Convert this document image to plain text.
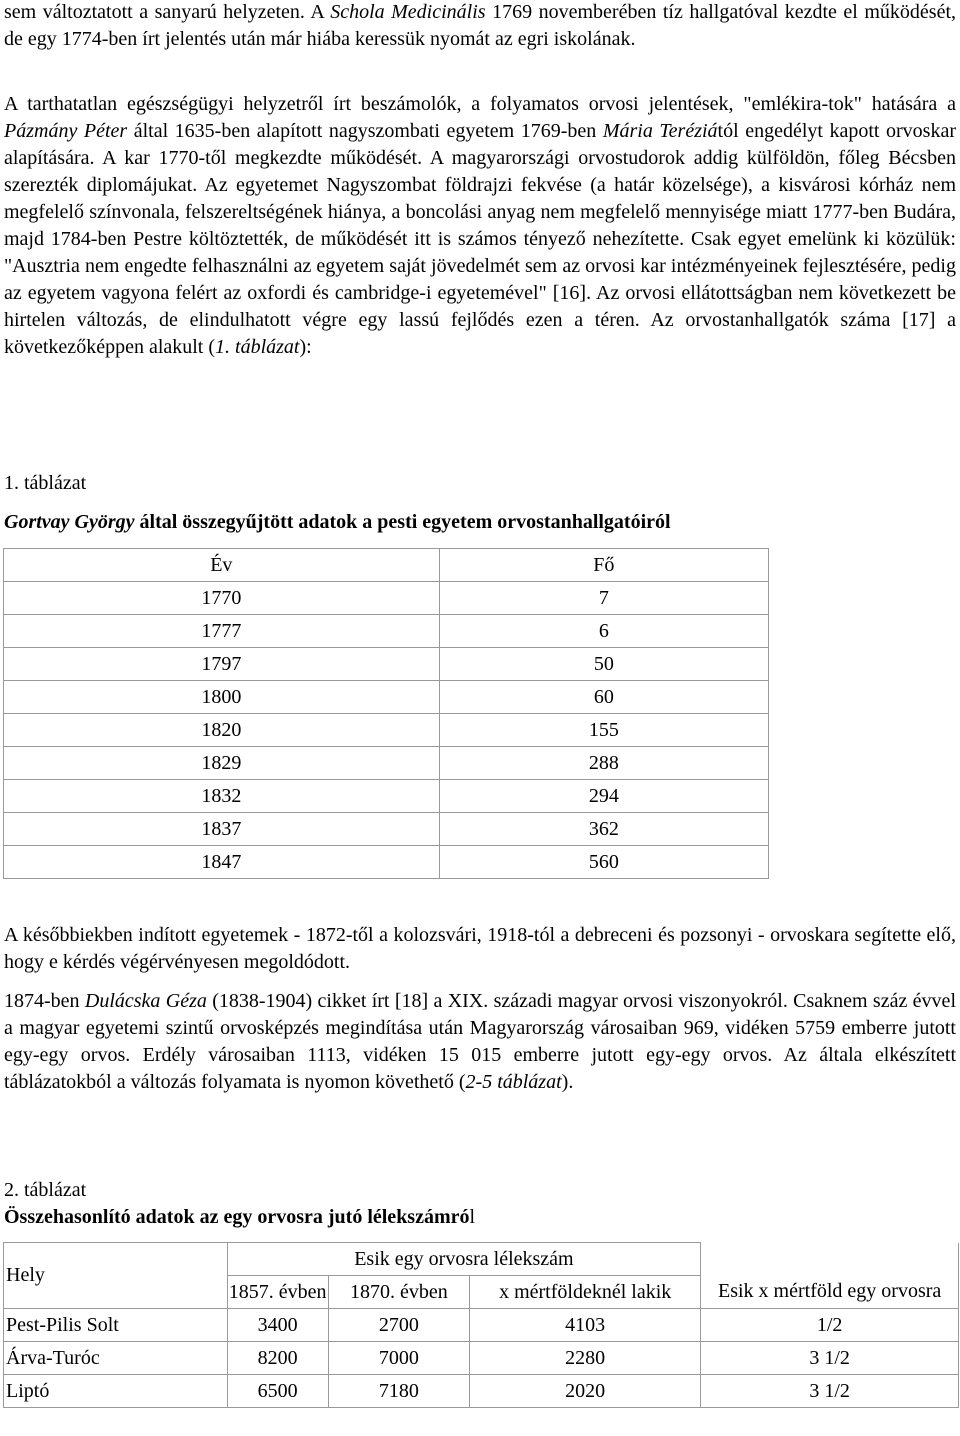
sem változtatott a sanyarú helyzeten. A Schola Medicinális 1769 novemberében tíz hallgatóval kezdte el működését, de egy 1774-ben írt jelentés után már hiába keressük nyomát az egri iskolának.

A tarthatatlan egészségügyi helyzetről írt beszámolók, a folyamatos orvosi jelentések, "emlékira-tok" hatására a Pázmány Péter által 1635-ben alapított nagyszombati egyetem 1769-ben Mária Teréziától engedélyt kapott orvoskar alapítására. A kar 1770-től megkezdte működését. A magyarországi orvostudorok addig külföldön, főleg Bécsben szerezték diplomájukat. Az egyetemet Nagyszombat földrajzi fekvése (a határ közelsége), a kisvárosi kórház nem megfelelő színvonala, felszereltségének hiánya, a boncolási anyag nem megfelelő mennyisége miatt 1777-ben Budára, majd 1784-ben Pestre költöztették, de működését itt is számos tényező nehezítette. Csak egyet emelünk ki közülük: "Ausztria nem engedte felhasználni az egyetem saját jövedelmét sem az orvosi kar intézményeinek fejlesztésére, pedig az egyetem vagyona felért az oxfordi és cambridge-i egyetemével" [16]. Az orvosi ellátottságban nem következett be hirtelen változás, de elindulhatott végre egy lassú fejlődés ezen a téren. Az orvostanhallgatók száma [17] a következőképpen alakult (1. táblázat):

1. táblázat

Gortvay György által összegyűjtött adatok a pesti egyetem orvostanhallgatóiról

Év	Fő
1770	7
1777	6
1797	50
1800	60
1820	155
1829	288
1832	294
1837	362
1847	560

A későbbiekben indított egyetemek - 1872-től a kolozsvári, 1918-tól a debreceni és pozsonyi - orvoskara segítette elő, hogy e kérdés végérvényesen megoldódott.

1874-ben Dulácska Géza (1838-1904) cikket írt [18] a XIX. századi magyar orvosi viszonyokról. Csaknem száz évvel a magyar egyetemi szintű orvosképzés megindítása után Magyarország városaiban 969, vidéken 5759 emberre jutott egy-egy orvos. Erdély városaiban 1113, vidéken 15 015 emberre jutott egy-egy orvos. Az általa elkészített táblázatokból a változás folyamata is nyomon követhető (2-5 táblázat).

2. táblázat

Összehasonlító adatok az egy orvosra jutó lélekszámról

Hely	Esik egy orvosra lélekszám			
	1857. évben	1870. évben	x mértföldeknél lakik	Esik x mértföld egy orvosra
Pest-Pilis Solt	3400	2700	4103	1/2
Árva-Turóc	8200	7000	2280	3 1/2
Liptó	6500	7180	2020	3 1/2
